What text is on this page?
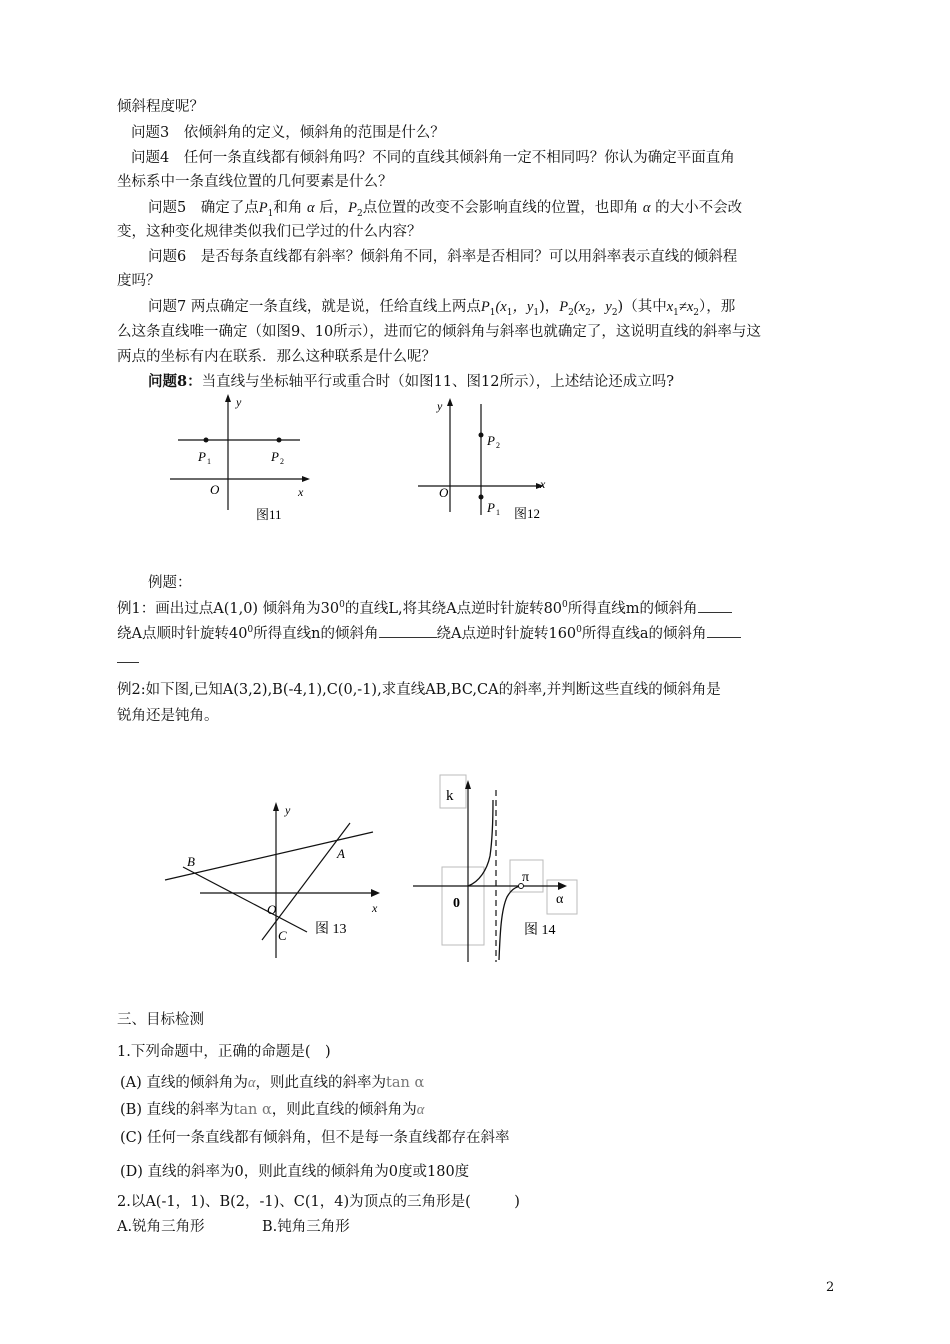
倾斜程度呢？
问题3　依倾斜角的定义，倾斜角的范围是什么？
问题4　任何一条直线都有倾斜角吗？不同的直线其倾斜角一定不相同吗？你认为确定平面直角
坐标系中一条直线位置的几何要素是什么？
问题5　确定了点$P_1$和角 α 后，$P_2$点位置的改变不会影响直线的位置，也即角 α 的大小不会改
变，这种变化规律类似我们已学过的什么内容？
问题6　是否每条直线都有斜率？倾斜角不同，斜率是否相同？可以用斜率表示直线的倾斜程
度吗？
问题7 两点确定一条直线，就是说，任给直线上两点$P_1(x_1$，$y_1$)，$P_2(x_2$，$y_2$)（其中$x_1\ne x_2$），那
么这条直线唯一确定（如图9、10所示），进而它的倾斜角与斜率也就确定了，这说明直线的斜率与这
两点的坐标有内在联系．那么这种联系是什么呢？
问题8：当直线与坐标轴平行或重合时（如图11、图12所示），上述结论还成立吗?
y
x
O
P 1	P 2
图11
y
x
O
P 2
P 1 图12
例题：
例1：画出过点A(1,0) 倾斜角为$30^0$的直线L,将其绕A点逆时针旋转$80^0$所得直线m的倾斜角
绕A点顺时针旋转$40^0$所得直线n的倾斜角	绕A点逆时针旋转$160^0$所得直线a的倾斜角
例2:如下图,已知A(3,2),B(-4,1),C(0,-1),求直线AB,BC,CA的斜率,并判断这些直线的倾斜角是
锐角还是钝角。
y
x
O
A
B
C 图 13
k
0
π
α
图 14
三、目标检测
1.下列命题中，正确的命题是(　)
(A) 直线的倾斜角为α，则此直线的斜率为tan α
(B) 直线的斜率为tan α，则此直线的倾斜角为α
(C) 任何一条直线都有倾斜角，但不是每一条直线都存在斜率
(D) 直线的斜率为0，则此直线的倾斜角为0度或180度
2.以A(-1，1)、B(2，-1)、C(1，4)为顶点的三角形是(　　　)
A.锐角三角形	B.钝角三角形
2
